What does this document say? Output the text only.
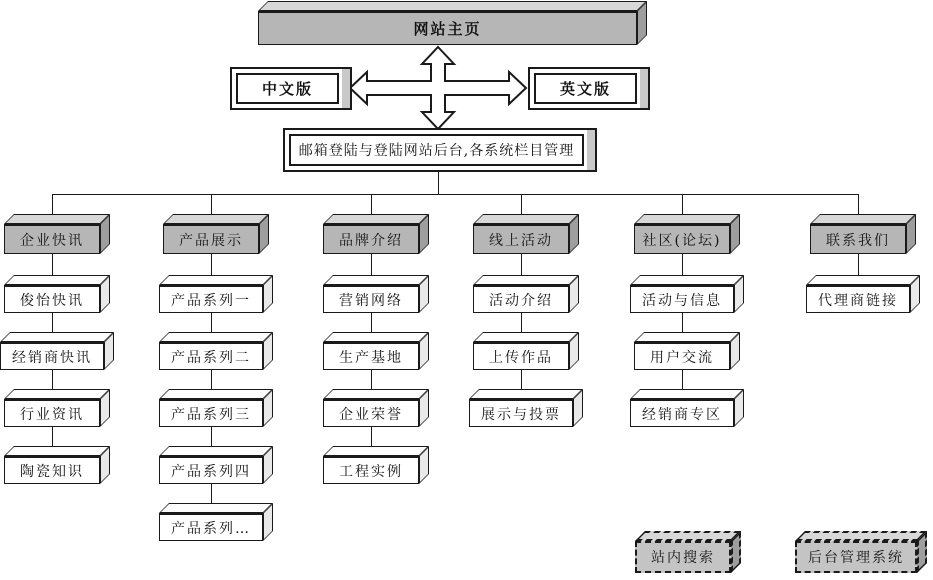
中文版	英文版
邮箱登陆与登陆网站后台,各系统栏目管理
网站主页
企业快讯
俊怡快讯
经销商快讯
行业资讯
陶瓷知识
产品展示
产品系列一
产品系列二
产品系列三
产品系列四
产品系列…
品牌介绍
营销网络
生产基地
企业荣誉
工程实例
线上活动
活动介绍
上传作品
展示与投票
社区(论坛)
活动与信息
用户交流
经销商专区
联系我们
代理商链接
站内搜索	后台管理系统
